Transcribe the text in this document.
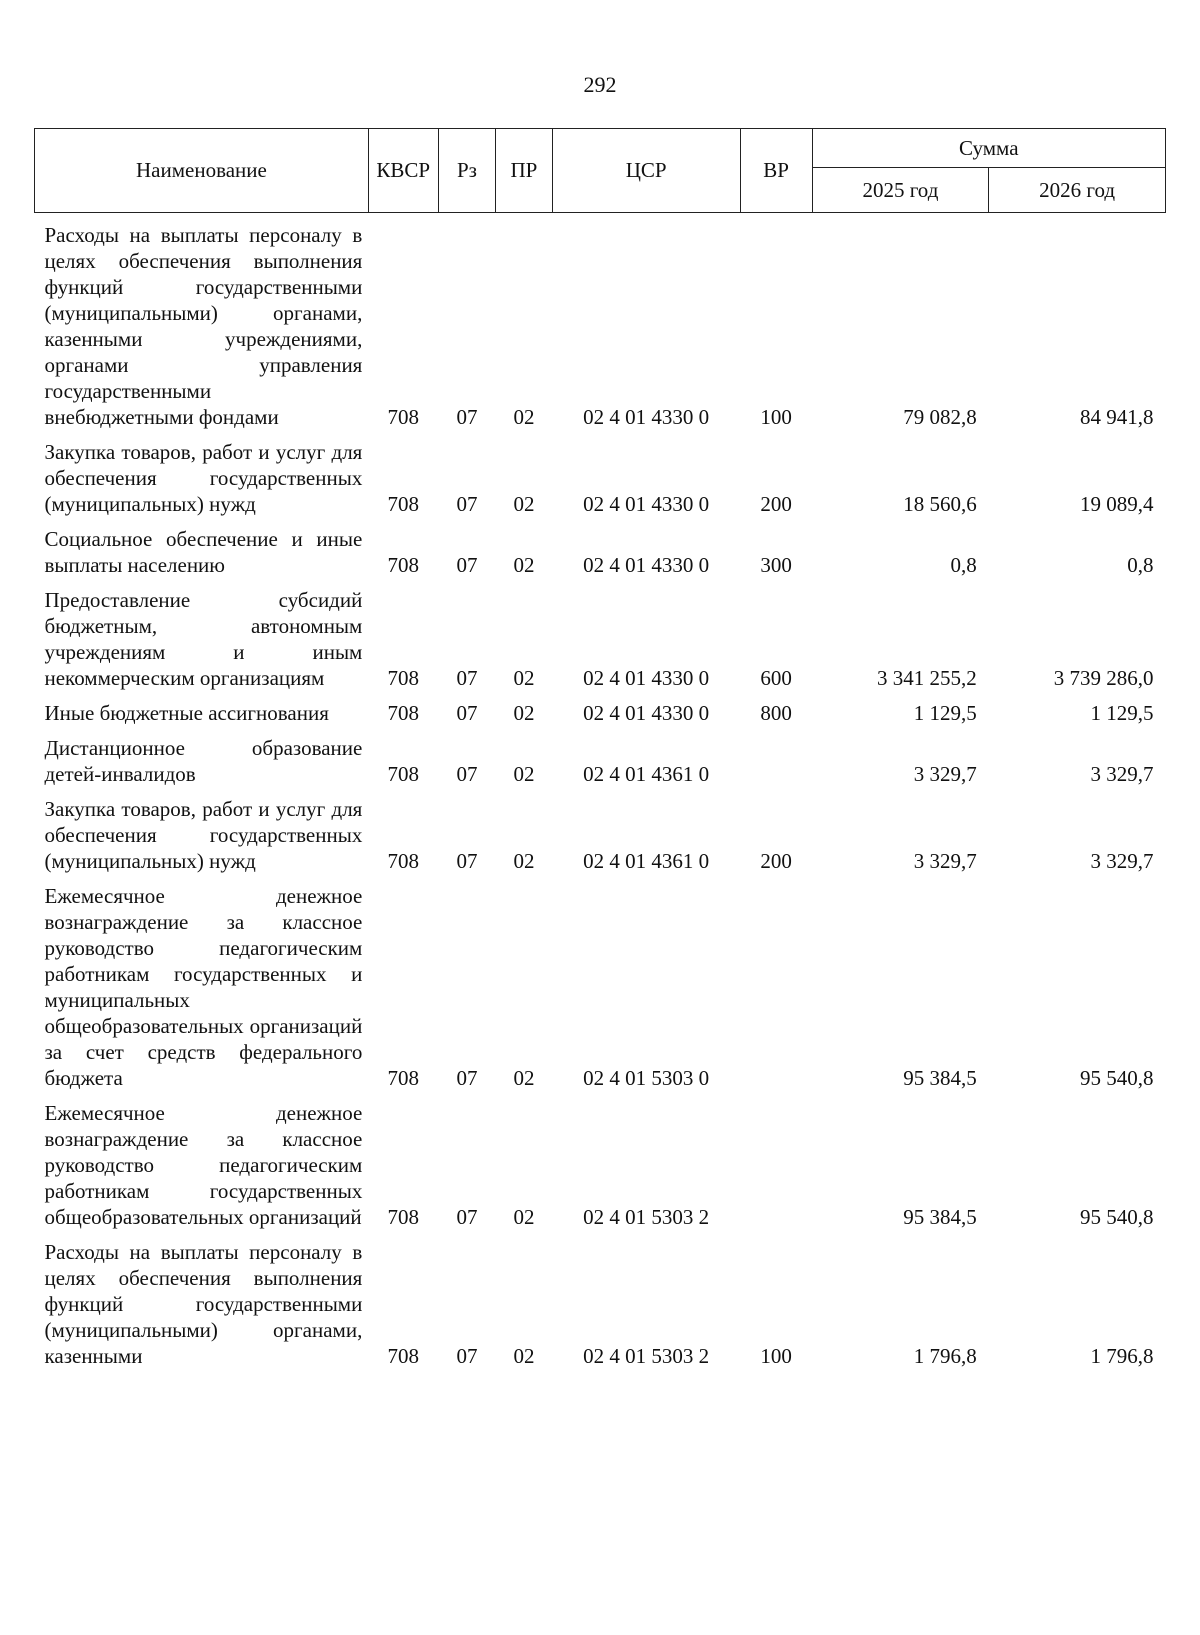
292
Наименование	КВСР	Рз	ПР	ЦСР	ВР	Сумма	
						2025 год	2026 год
Расходы на выплаты персоналу в целях обеспечения выполнения функций государственными (муниципальными) органами, казенными учреждениями, органами управления государственными внебюджетными фондами	708	07	02	02 4 01 4330 0	100	79 082,8	84 941,8
Закупка товаров, работ и услуг для обеспечения государственных (муниципальных) нужд	708	07	02	02 4 01 4330 0	200	18 560,6	19 089,4
Социальное обеспечение и иные выплаты населению	708	07	02	02 4 01 4330 0	300	0,8	0,8
Предоставление субсидий бюджетным, автономным учреждениям и иным некоммерческим организациям	708	07	02	02 4 01 4330 0	600	3 341 255,2	3 739 286,0
Иные бюджетные ассигнования	708	07	02	02 4 01 4330 0	800	1 129,5	1 129,5
Дистанционное образование детей-инвалидов	708	07	02	02 4 01 4361 0		3 329,7	3 329,7
Закупка товаров, работ и услуг для обеспечения государственных (муниципальных) нужд	708	07	02	02 4 01 4361 0	200	3 329,7	3 329,7
Ежемесячное денежное вознаграждение за классное руководство педагогическим работникам государственных и муниципальных общеобразовательных организаций за счет средств федерального бюджета	708	07	02	02 4 01 5303 0		95 384,5	95 540,8
Ежемесячное денежное вознаграждение за классное руководство педагогическим работникам государственных общеобразовательных организаций	708	07	02	02 4 01 5303 2		95 384,5	95 540,8
Расходы на выплаты персоналу в целях обеспечения выполнения функций государственными (муниципальными) органами, казенными	708	07	02	02 4 01 5303 2	100	1 796,8	1 796,8
